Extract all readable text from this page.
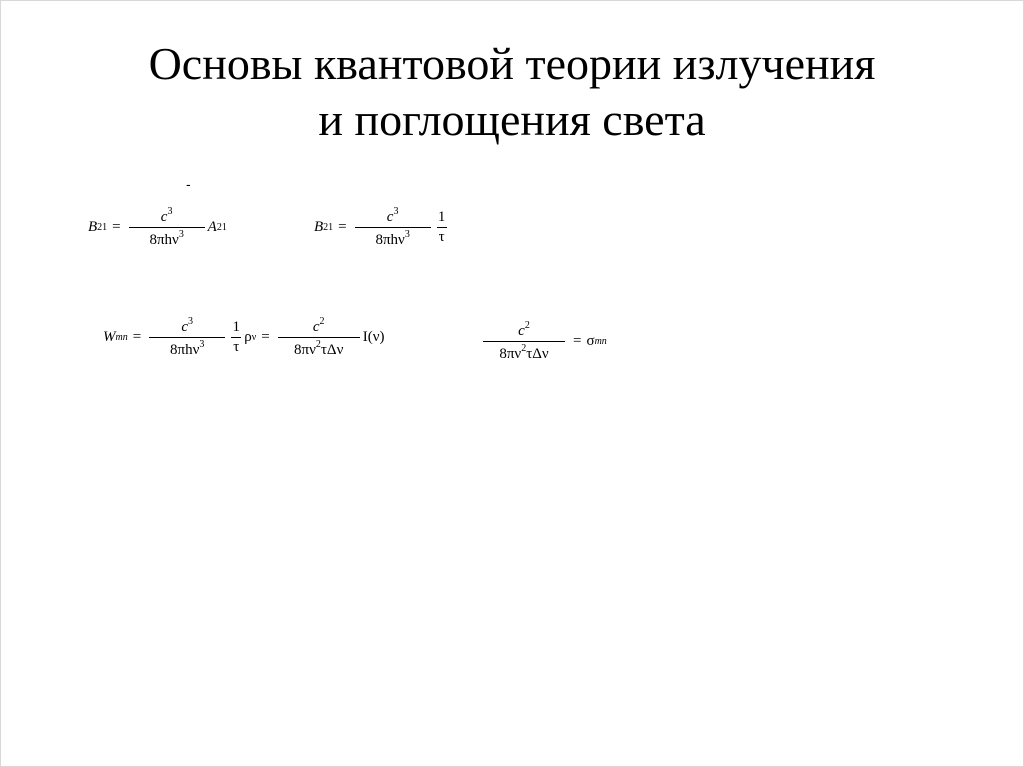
Основы квантовой теории излучения
и поглощения света
-
B $21 = \frac{c^3}{8\pi h\nu^3}$ A 21	B $21 = \frac{c^3}{8\pi h\nu^3} \frac{1}{\tau}$
W mn = $\frac{c^3}{8\pi h\nu^3} \frac{1}{\tau}$ ρ $\nu = \frac{c^2}{8\pi\nu^2\tau\Delta\nu} I(\nu)$	$\frac{c^2}{8\pi\nu^2\tau\Delta\nu} = \sigma$ mn
